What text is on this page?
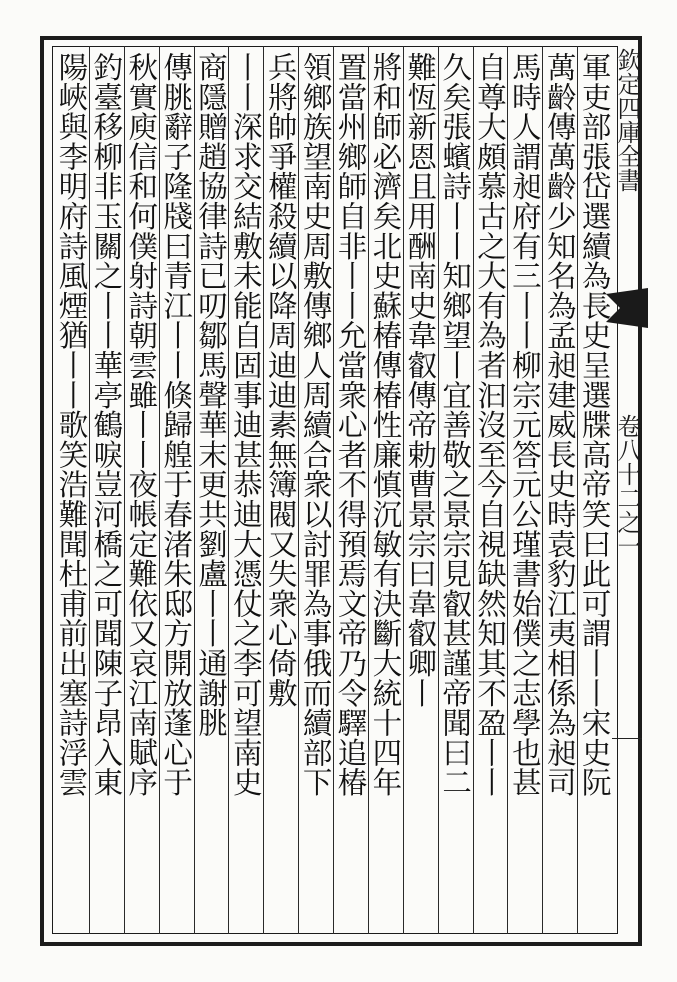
欽定四庫全書
卷八十二之一
軍吏部張岱選續為長史呈選牒高帝笑曰此可謂丨丨宋史阮
萬齡傳萬齡少知名為孟昶建威長史時袁豹江夷相係為昶司
馬時人謂昶府有三丨丨柳宗元答元公瑾書始僕之志學也甚
自尊大頗慕古之大有為者汩沒至今自視缺然知其不盈丨丨
久矣張蠙詩丨丨知鄉望丨宜善敬之景宗見叡甚謹帝聞曰二
難恆新恩且用酬南史韋叡傳帝勅曹景宗曰韋叡卿丨
將和師必濟矣北史蘇椿傳椿性廉慎沉敏有決斷大統十四年
置當州鄉師自非丨丨允當衆心者不得預焉文帝乃令驛追椿
領鄉族望南史周敷傳鄉人周續合衆以討罪為事俄而續部下
兵將帥爭權殺續以降周迪迪素無簿閥又失衆心倚敷
丨丨深求交結敷未能自固事迪甚恭迪大憑仗之李可望南史
商隱贈趙協律詩已叨鄒馬聲華末更共劉盧丨丨通謝朓
傳朓辭子隆牋曰青江丨丨倏歸艎于春渚朱邸方開放蓬心于
秋實庾信和何僕射詩朝雲雖丨丨夜帳定難依又哀江南賦序
釣臺移柳非玉關之丨丨華亭鶴唳豈河橋之可聞陳子昂入東
陽峽與李明府詩風煙猶丨丨歌笑浩難聞杜甫前出塞詩浮雲
